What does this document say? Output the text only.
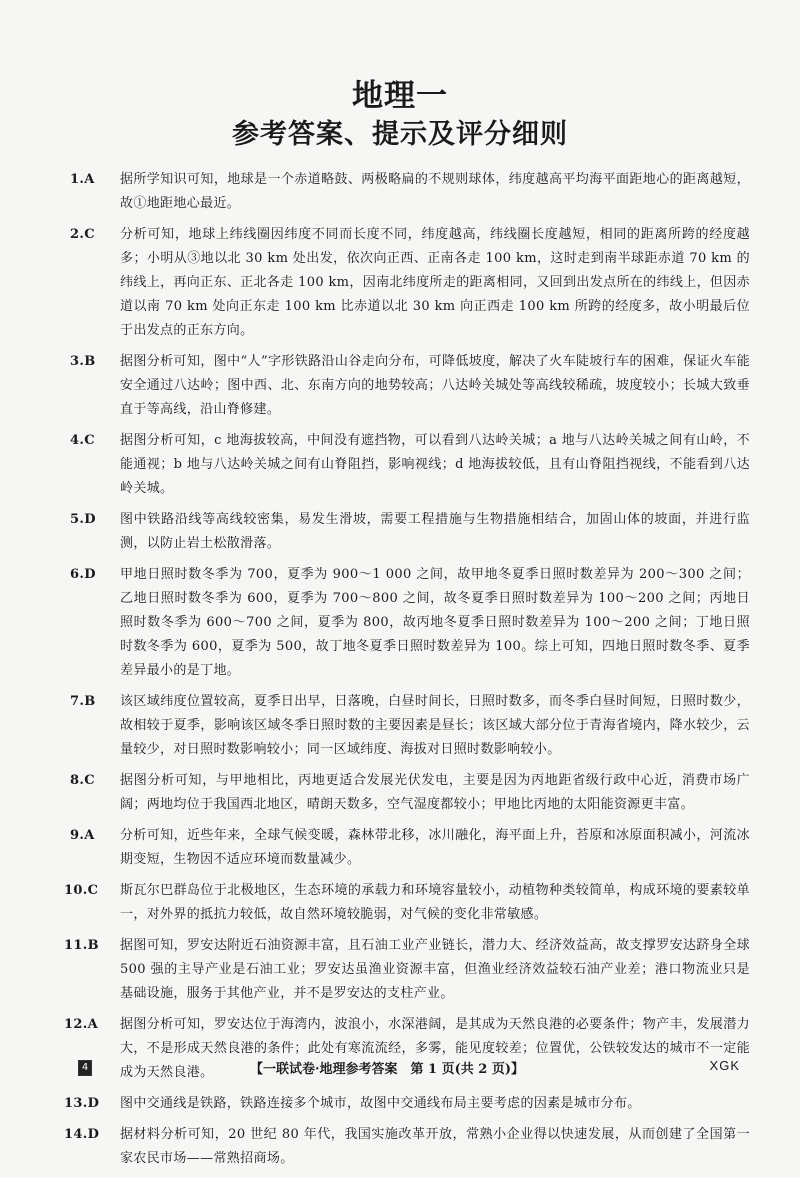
地理一
参考答案、提示及评分细则
1.A 据所学知识可知，地球是一个赤道略鼓、两极略扁的不规则球体，纬度越高平均海平面距地心的距离越短，故①地距地心最近。
2.C 分析可知，地球上纬线圈因纬度不同而长度不同，纬度越高，纬线圈长度越短，相同的距离所跨的经度越多；小明从③地以北 30 km 处出发，依次向正西、正南各走 100 km，这时走到南半球距赤道 70 km 的纬线上，再向正东、正北各走 100 km，因南北纬度所走的距离相同，又回到出发点所在的纬线上，但因赤道以南 70 km 处向正东走 100 km 比赤道以北 30 km 向正西走 100 km 所跨的经度多，故小明最后位于出发点的正东方向。
3.B 据图分析可知，图中“人”字形铁路沿山谷走向分布，可降低坡度，解决了火车陡坡行车的困难，保证火车能安全通过八达岭；图中西、北、东南方向的地势较高；八达岭关城处等高线较稀疏，坡度较小；长城大致垂直于等高线，沿山脊修建。
4.C 据图分析可知，c 地海拔较高，中间没有遮挡物，可以看到八达岭关城；a 地与八达岭关城之间有山岭，不能通视；b 地与八达岭关城之间有山脊阻挡，影响视线；d 地海拔较低，且有山脊阻挡视线，不能看到八达岭关城。
5.D 图中铁路沿线等高线较密集，易发生滑坡，需要工程措施与生物措施相结合，加固山体的坡面，并进行监测，以防止岩土松散滑落。
6.D 甲地日照时数冬季为 700，夏季为 900～1 000 之间，故甲地冬夏季日照时数差异为 200～300 之间；乙地日照时数冬季为 600，夏季为 700～800 之间，故冬夏季日照时数差异为 100～200 之间；丙地日照时数冬季为 600～700 之间，夏季为 800，故丙地冬夏季日照时数差异为 100～200 之间；丁地日照时数冬季为 600，夏季为 500，故丁地冬夏季日照时数差异为 100。综上可知，四地日照时数冬季、夏季差异最小的是丁地。
7.B 该区域纬度位置较高，夏季日出早，日落晚，白昼时间长，日照时数多，而冬季白昼时间短，日照时数少，故相较于夏季，影响该区域冬季日照时数的主要因素是昼长；该区域大部分位于青海省境内，降水较少，云量较少，对日照时数影响较小；同一区域纬度、海拔对日照时数影响较小。
8.C 据图分析可知，与甲地相比，丙地更适合发展光伏发电，主要是因为丙地距省级行政中心近，消费市场广阔；两地均位于我国西北地区，晴朗天数多，空气湿度都较小；甲地比丙地的太阳能资源更丰富。
9.A 分析可知，近些年来，全球气候变暖，森林带北移，冰川融化，海平面上升，苔原和冰原面积减小，河流冰期变短，生物因不适应环境而数量减少。
10.C 斯瓦尔巴群岛位于北极地区，生态环境的承载力和环境容量较小，动植物种类较简单，构成环境的要素较单一，对外界的抵抗力较低，故自然环境较脆弱，对气候的变化非常敏感。
11.B 据图可知，罗安达附近石油资源丰富，且石油工业产业链长，潜力大、经济效益高，故支撑罗安达跻身全球 500 强的主导产业是石油工业；罗安达虽渔业资源丰富，但渔业经济效益较石油产业差；港口物流业只是基础设施，服务于其他产业，并不是罗安达的支柱产业。
12.A 据图分析可知，罗安达位于海湾内，波浪小，水深港阔，是其成为天然良港的必要条件；物产丰，发展潜力大，不是形成天然良港的条件；此处有寒流流经，多雾，能见度较差；位置优，公铁较发达的城市不一定能成为天然良港。
13.D 图中交通线是铁路，铁路连接多个城市，故图中交通线布局主要考虑的因素是城市分布。
14.D 据材料分析可知，20 世纪 80 年代，我国实施改革开放，常熟小企业得以快速发展，从而创建了全国第一家农民市场——常熟招商场。
4	【一联试卷·地理参考答案　第 1 页(共 2 页)】	XGK
